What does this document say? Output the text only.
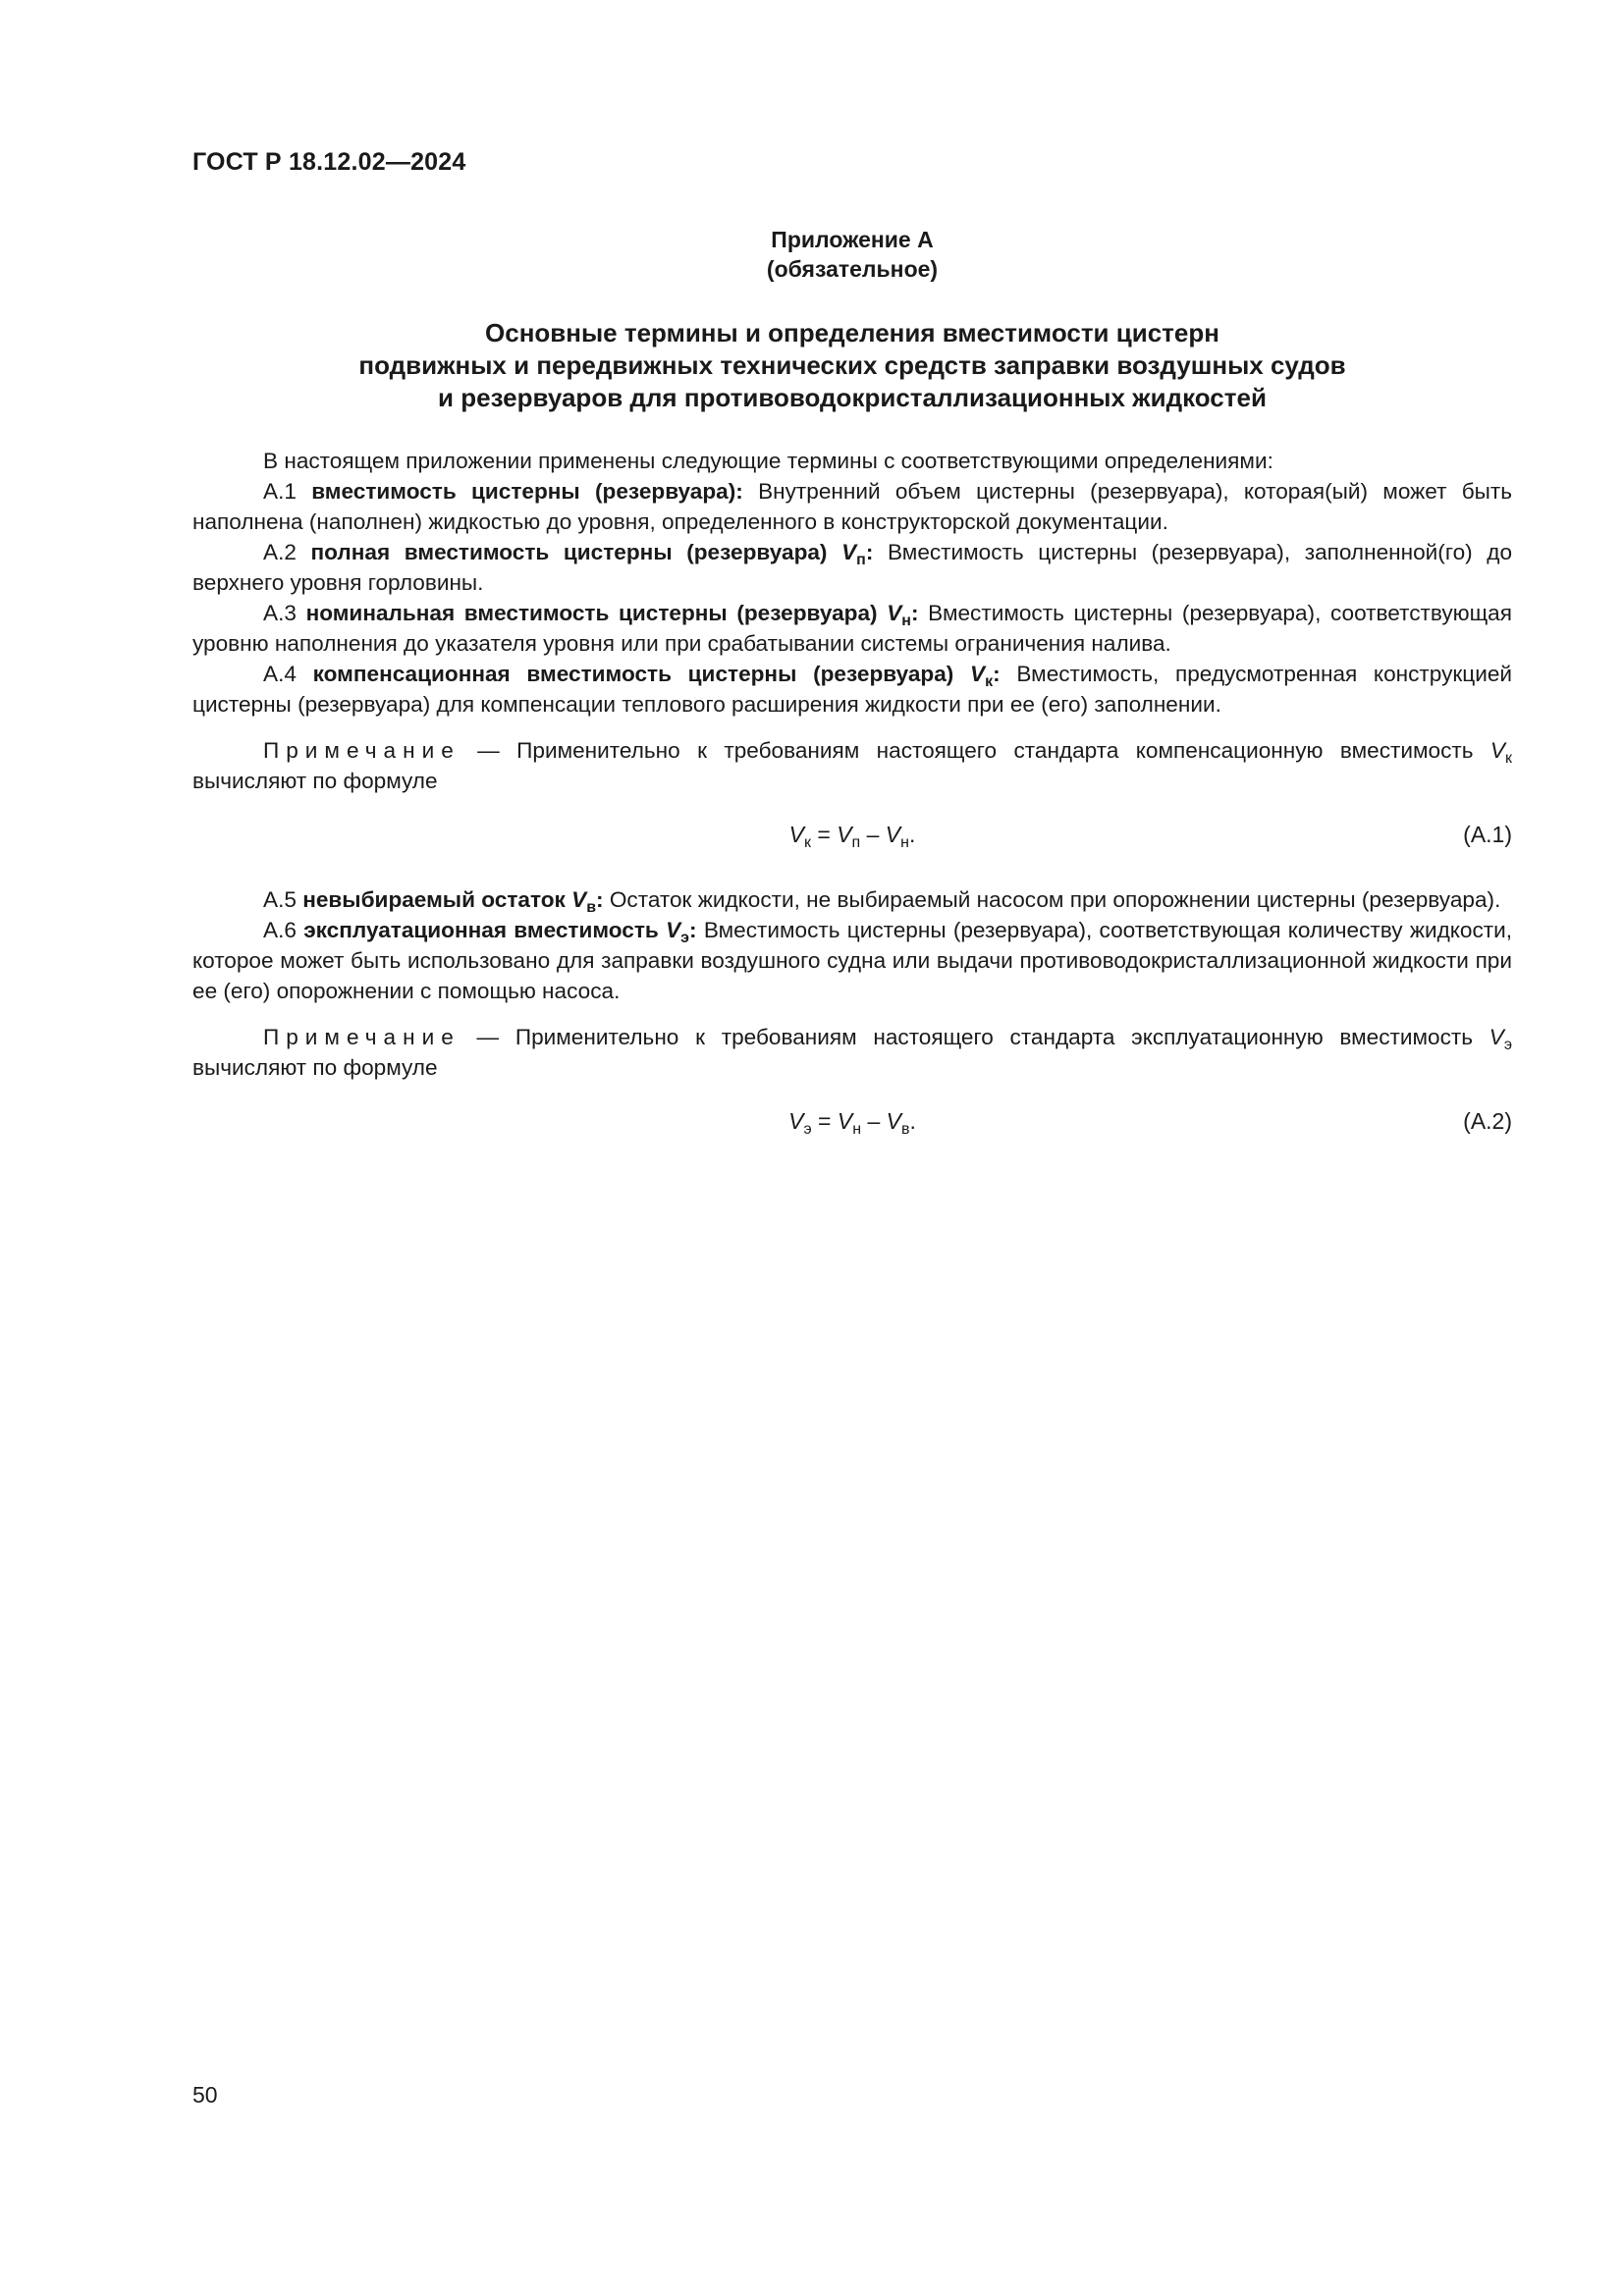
ГОСТ Р 18.12.02—2024
Приложение А
(обязательное)
Основные термины и определения вместимости цистерн
подвижных и передвижных технических средств заправки воздушных судов
и резервуаров для противоводокристаллизационных жидкостей

В настоящем приложении применены следующие термины с соответствующими определениями:

А.1 вместимость цистерны (резервуара): Внутренний объем цистерны (резервуара), которая(ый) может быть наполнена (наполнен) жидкостью до уровня, определенного в конструкторской документации.

А.2 полная вместимость цистерны (резервуара) $V_п$: Вместимость цистерны (резервуара), заполненной(го) до верхнего уровня горловины.

А.3 номинальная вместимость цистерны (резервуара) $V_н$: Вместимость цистерны (резервуара), соответствующая уровню наполнения до указателя уровня или при срабатывании системы ограничения налива.

А.4 компенсационная вместимость цистерны (резервуара) $V_к$: Вместимость, предусмотренная конструкцией цистерны (резервуара) для компенсации теплового расширения жидкости при ее (его) заполнении.

Примечание — Применительно к требованиям настоящего стандарта компенсационную вместимость $V_к$ вычисляют по формуле

$V_к = V_п - V_н$.	(А.1)

А.5 невыбираемый остаток $V_в$: Остаток жидкости, не выбираемый насосом при опорожнении цистерны (резервуара).

А.6 эксплуатационная вместимость $V_э$: Вместимость цистерны (резервуара), соответствующая количеству жидкости, которое может быть использовано для заправки воздушного судна или выдачи противоводокристаллизационной жидкости при ее (его) опорожнении с помощью насоса.

Примечание — Применительно к требованиям настоящего стандарта эксплуатационную вместимость $V_э$ вычисляют по формуле

$V_э = V_н - V_в$.	(А.2)
50
